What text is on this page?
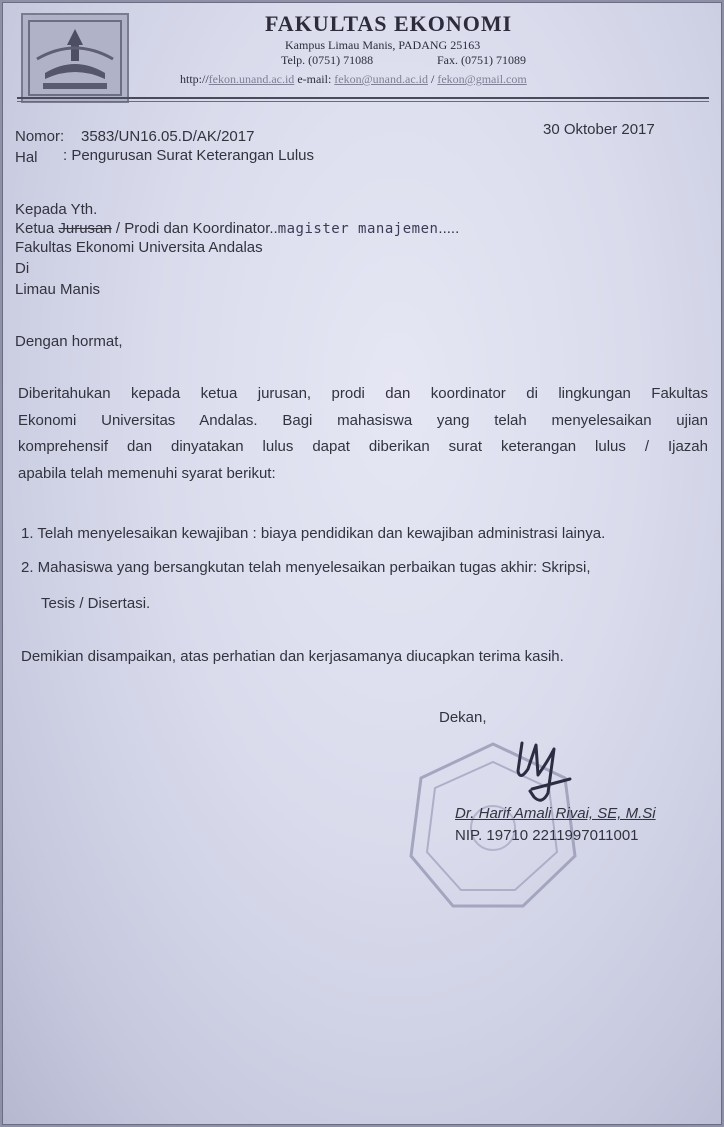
FAKULTAS EKONOMI
Kampus Limau Manis, PADANG 25163
Telp. (0751) 71088	Fax. (0751) 71089
http://fekon.unand.ac.id e-mail: fekon@unand.ac.id / fekon@gmail.com
Nomor: 3583/UN16.05.D/AK/2017	30 Oktober 2017
Hal : Pengurusan Surat Keterangan Lulus
Kepada Yth.
Ketua Jurusan / Prodi dan Koordinator..magister manajemen.....
Fakultas Ekonomi Universita Andalas
Di
Limau Manis
Dengan hormat,
Diberitahukan kepada ketua jurusan, prodi dan koordinator di lingkungan Fakultas
Ekonomi Universitas Andalas. Bagi mahasiswa yang telah menyelesaikan ujian
komprehensif dan dinyatakan lulus dapat diberikan surat keterangan lulus / Ijazah
apabila telah memenuhi syarat berikut:
1. Telah menyelesaikan kewajiban : biaya pendidikan dan kewajiban administrasi lainya.
2. Mahasiswa yang bersangkutan telah menyelesaikan perbaikan tugas akhir: Skripsi,
Tesis / Disertasi.
Demikian disampaikan, atas perhatian dan kerjasamanya diucapkan terima kasih.
Dekan,
Dr. Harif Amali Rivai, SE, M.Si
NIP. 19710 2211997011001
